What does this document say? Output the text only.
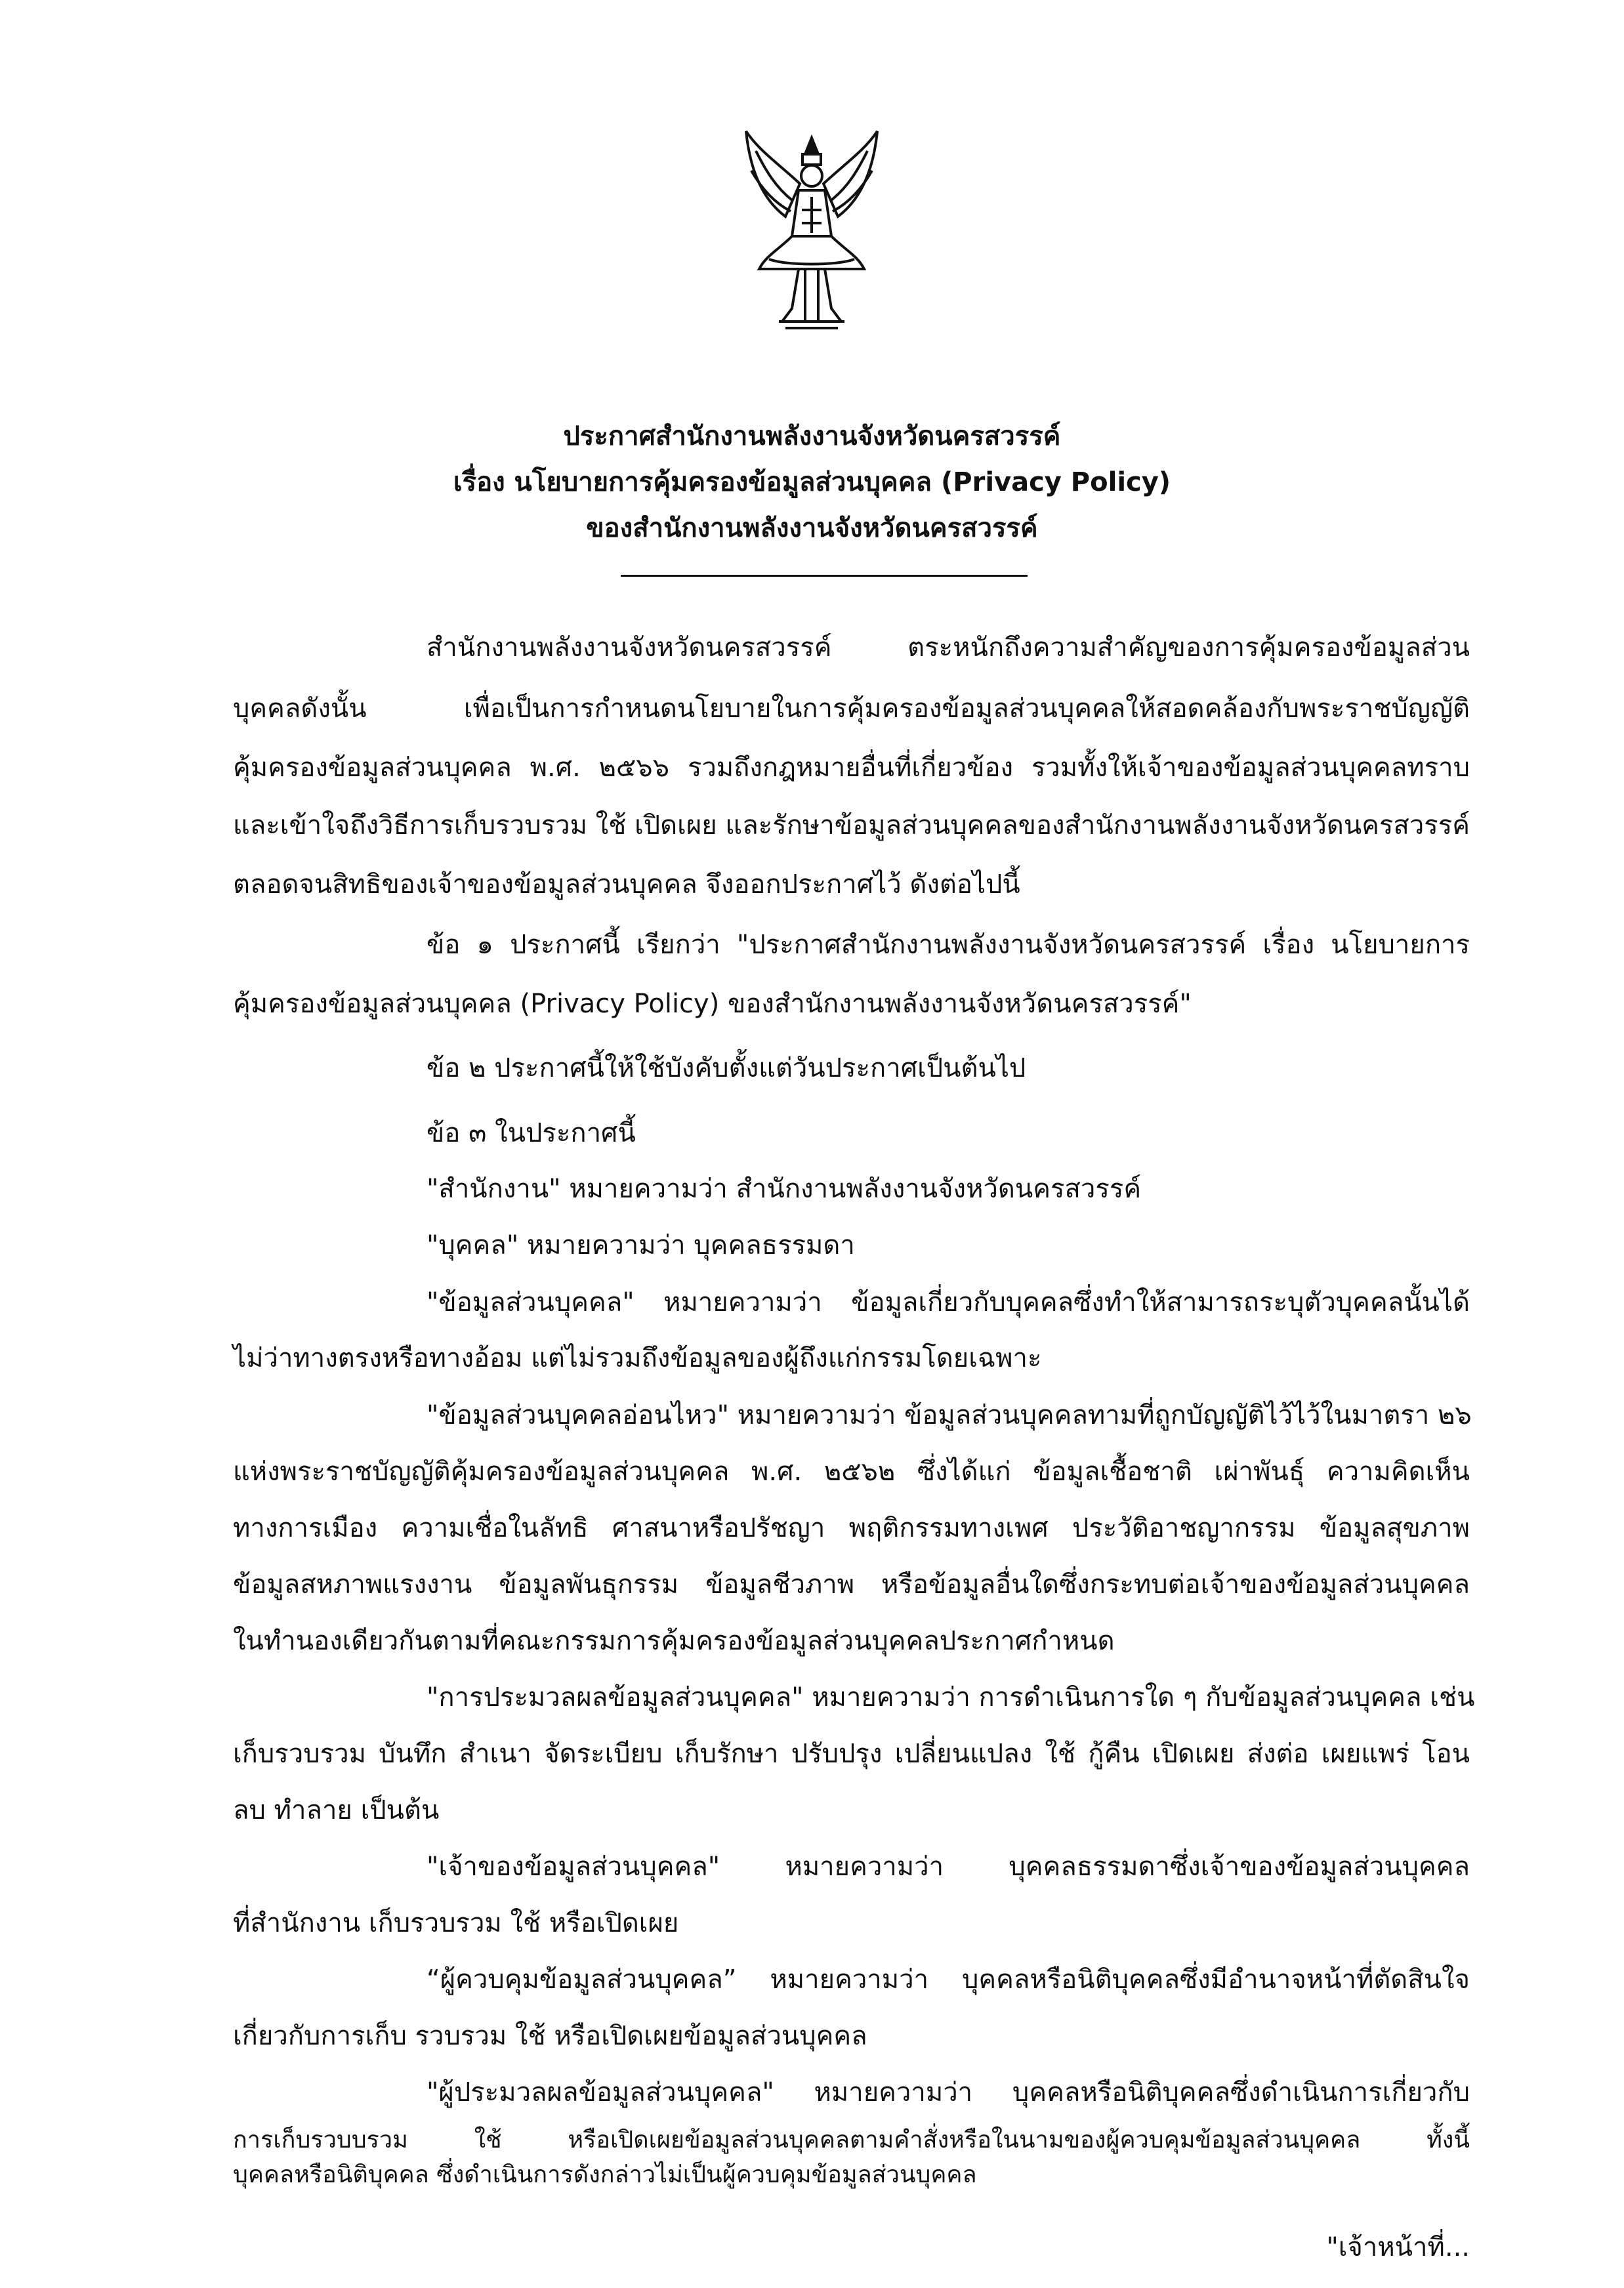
ประกาศสำนักงานพลังงานจังหวัดนครสวรรค์
เรื่อง นโยบายการคุ้มครองข้อมูลส่วนบุคคล (Privacy Policy)
ของสำนักงานพลังงานจังหวัดนครสวรรค์
สำนักงานพลังงานจังหวัดนครสวรรค์ ตระหนักถึงความสำคัญของการคุ้มครองข้อมูลส่วน
บุคคลดังนั้น เพื่อเป็นการกำหนดนโยบายในการคุ้มครองข้อมูลส่วนบุคคลให้สอดคล้องกับพระราชบัญญัติ
คุ้มครองข้อมูลส่วนบุคคล พ.ศ. ๒๕๖๖ รวมถึงกฎหมายอื่นที่เกี่ยวข้อง รวมทั้งให้เจ้าของข้อมูลส่วนบุคคลทราบ
และเข้าใจถึงวิธีการเก็บรวบรวม ใช้ เปิดเผย และรักษาข้อมูลส่วนบุคคลของสำนักงานพลังงานจังหวัดนครสวรรค์
ตลอดจนสิทธิของเจ้าของข้อมูลส่วนบุคคล จึงออกประกาศไว้ ดังต่อไปนี้
ข้อ ๑ ประกาศนี้ เรียกว่า "ประกาศสำนักงานพลังงานจังหวัดนครสวรรค์ เรื่อง นโยบายการ
คุ้มครองข้อมูลส่วนบุคคล (Privacy Policy) ของสำนักงานพลังงานจังหวัดนครสวรรค์"
ข้อ ๒ ประกาศนี้ให้ใช้บังคับตั้งแต่วันประกาศเป็นต้นไป
ข้อ ๓ ในประกาศนี้
"สำนักงาน" หมายความว่า สำนักงานพลังงานจังหวัดนครสวรรค์
"บุคคล" หมายความว่า บุคคลธรรมดา
"ข้อมูลส่วนบุคคล" หมายความว่า ข้อมูลเกี่ยวกับบุคคลซึ่งทำให้สามารถระบุตัวบุคคลนั้นได้
ไม่ว่าทางตรงหรือทางอ้อม แต่ไม่รวมถึงข้อมูลของผู้ถึงแก่กรรมโดยเฉพาะ
"ข้อมูลส่วนบุคคลอ่อนไหว" หมายความว่า ข้อมูลส่วนบุคคลทามที่ถูกบัญญัติไว้ไว้ในมาตรา ๒๖
แห่งพระราชบัญญัติคุ้มครองข้อมูลส่วนบุคคล พ.ศ. ๒๕๖๒ ซึ่งได้แก่ ข้อมูลเชื้อชาติ เผ่าพันธุ์ ความคิดเห็น
ทางการเมือง ความเชื่อในลัทธิ ศาสนาหรือปรัชญา พฤติกรรมทางเพศ ประวัติอาชญากรรม ข้อมูลสุขภาพ
ข้อมูลสหภาพแรงงาน ข้อมูลพันธุกรรม ข้อมูลชีวภาพ หรือข้อมูลอื่นใดซึ่งกระทบต่อเจ้าของข้อมูลส่วนบุคคล
ในทำนองเดียวกันตามที่คณะกรรมการคุ้มครองข้อมูลส่วนบุคคลประกาศกำหนด
"การประมวลผลข้อมูลส่วนบุคคล" หมายความว่า การดำเนินการใด ๆ กับข้อมูลส่วนบุคคล เช่น
เก็บรวบรวม บันทึก สำเนา จัดระเบียบ เก็บรักษา ปรับปรุง เปลี่ยนแปลง ใช้ กู้คืน เปิดเผย ส่งต่อ เผยแพร่ โอน
ลบ ทำลาย เป็นต้น
"เจ้าของข้อมูลส่วนบุคคล" หมายความว่า บุคคลธรรมดาซึ่งเจ้าของข้อมูลส่วนบุคคล
ที่สำนักงาน เก็บรวบรวม ใช้ หรือเปิดเผย
“ผู้ควบคุมข้อมูลส่วนบุคคล” หมายความว่า บุคคลหรือนิติบุคคลซึ่งมีอำนาจหน้าที่ตัดสินใจ
เกี่ยวกับการเก็บ รวบรวม ใช้ หรือเปิดเผยข้อมูลส่วนบุคคล
"ผู้ประมวลผลข้อมูลส่วนบุคคล" หมายความว่า บุคคลหรือนิติบุคคลซึ่งดำเนินการเกี่ยวกับ
การเก็บรวบบรวม ใช้ หรือเปิดเผยข้อมูลส่วนบุคคลตามคำสั่งหรือในนามของผู้ควบคุมข้อมูลส่วนบุคคล ทั้งนี้
บุคคลหรือนิติบุคคล ซึ่งดำเนินการดังกล่าวไม่เป็นผู้ควบคุมข้อมูลส่วนบุคคล
"เจ้าหน้าที่...
